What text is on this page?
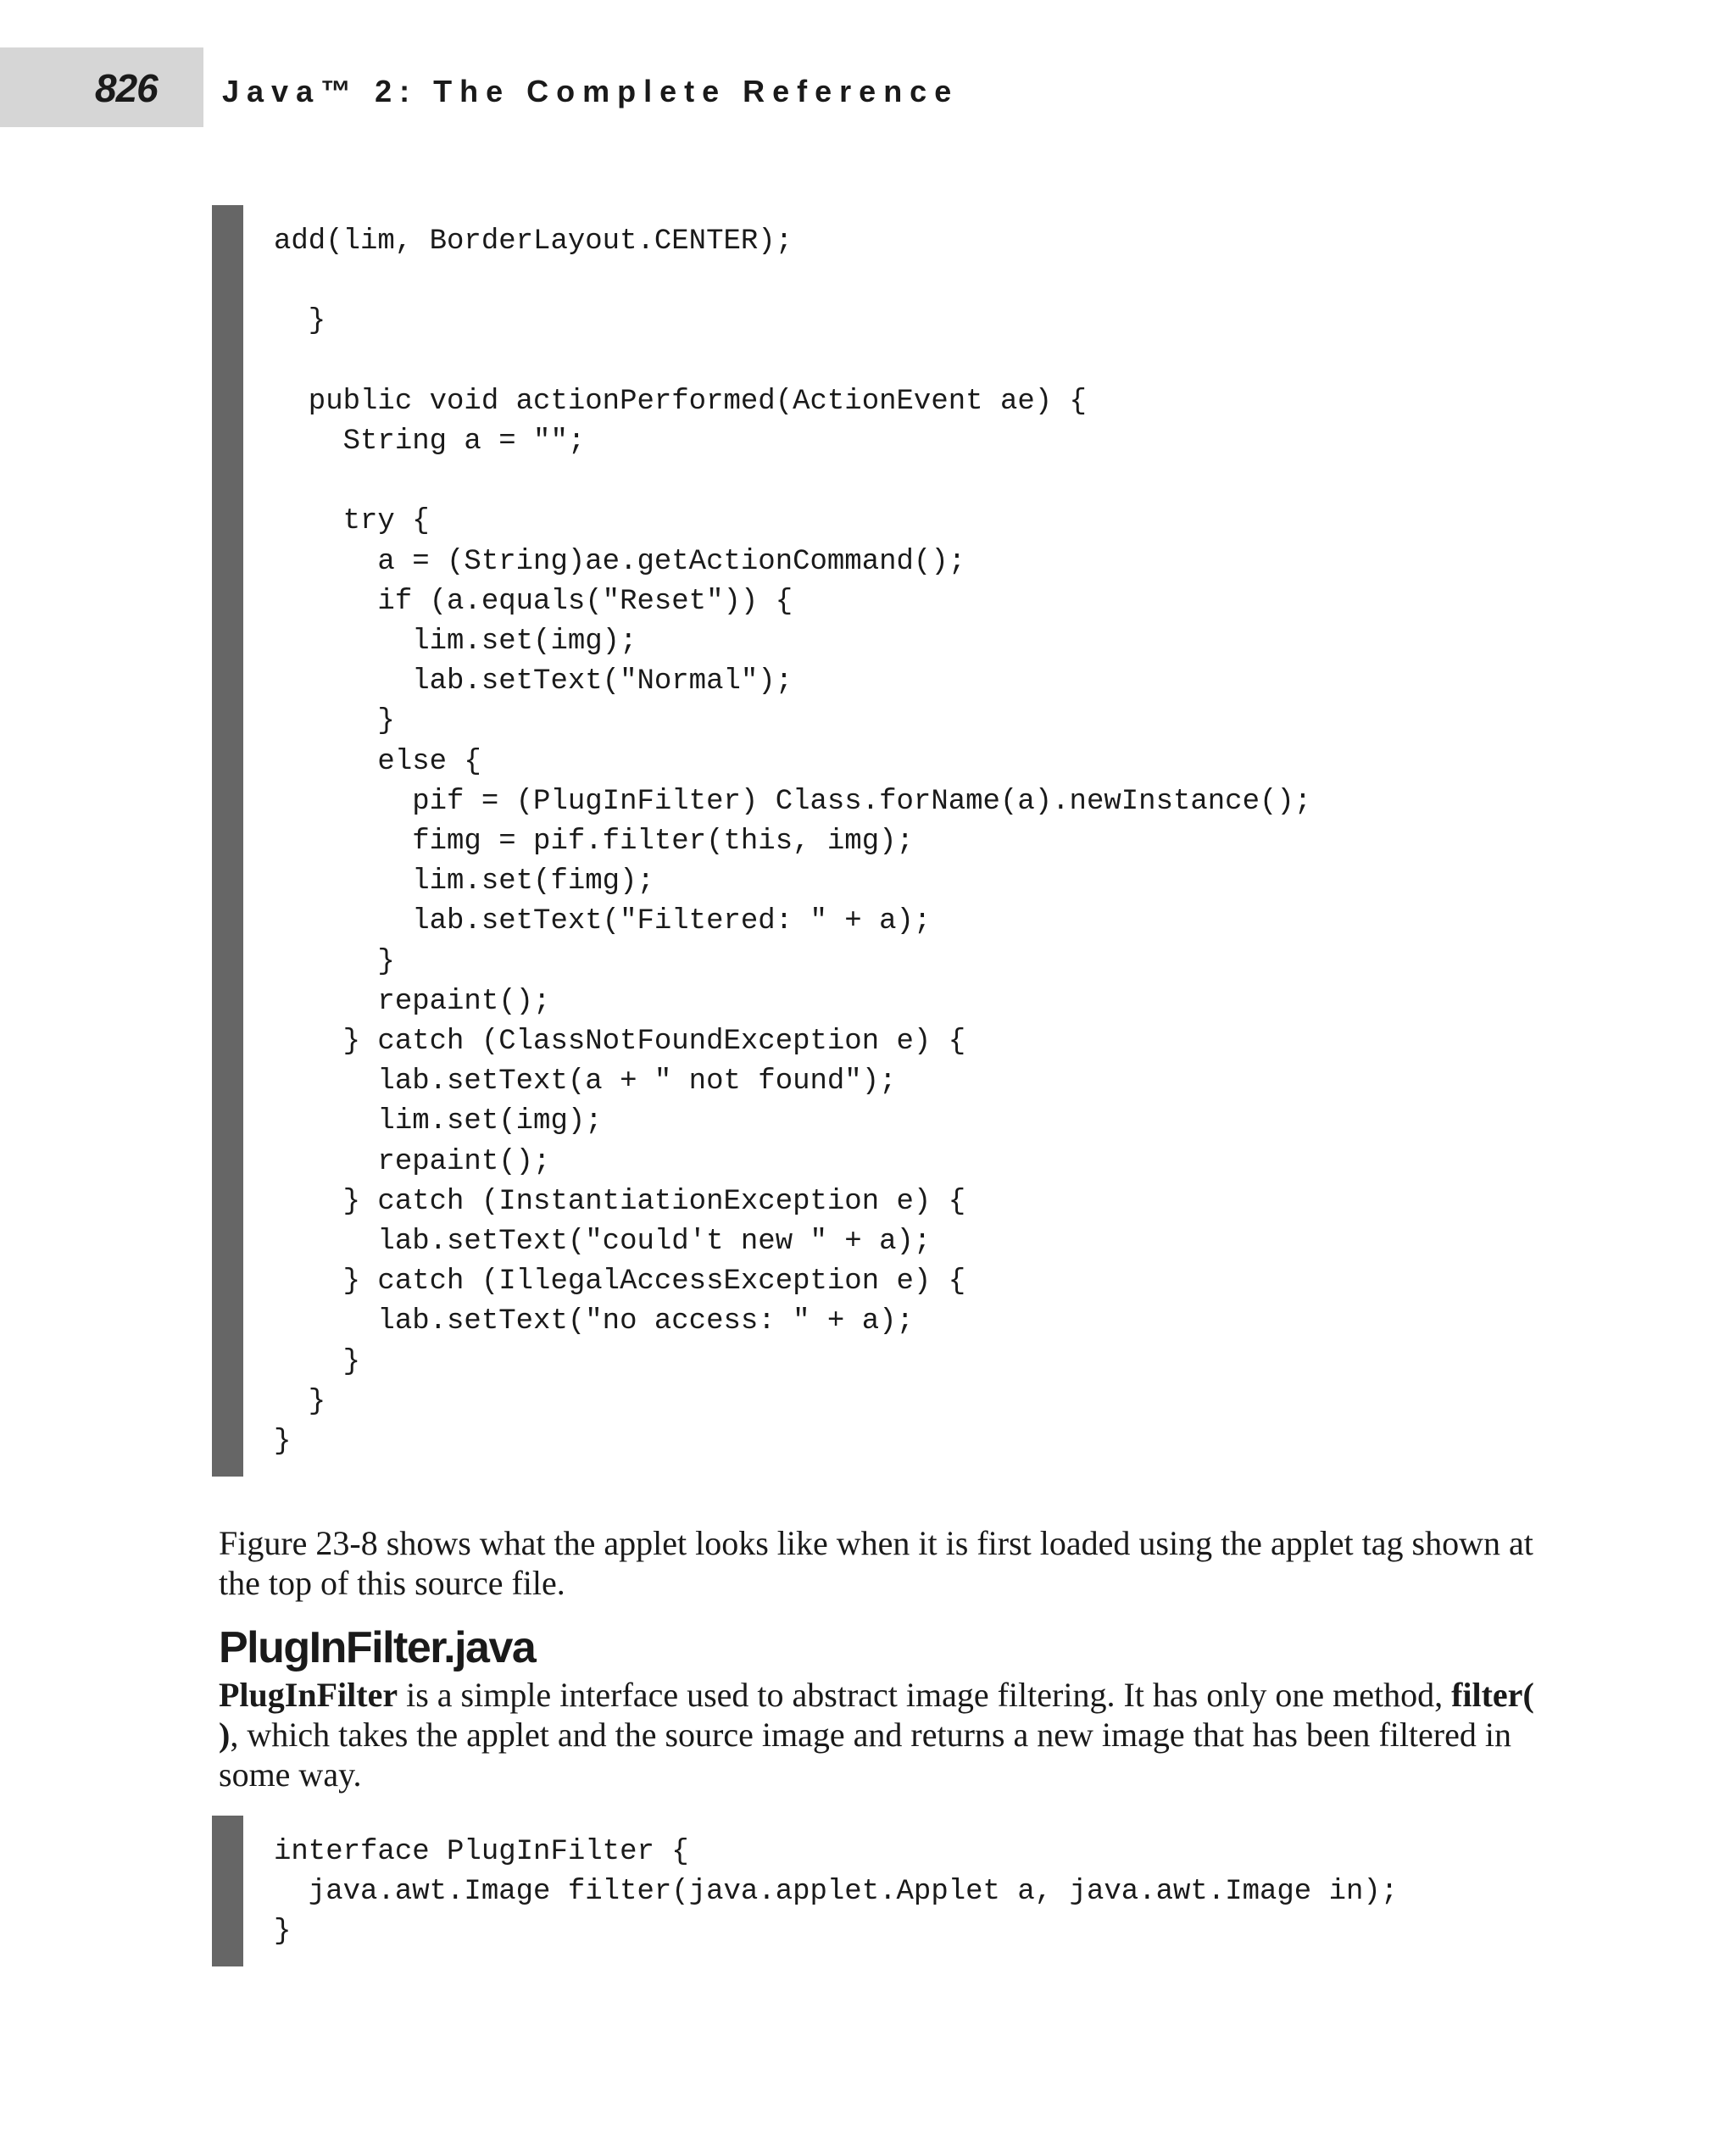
826 Java™ 2: The Complete Reference
add(lim, BorderLayout.CENTER);

}

public void actionPerformed(ActionEvent ae) {
String a = "";

try {
a = (String)ae.getActionCommand();
if (a.equals("Reset")) {
lim.set(img);
lab.setText("Normal");
}
else {
pif = (PlugInFilter) Class.forName(a).newInstance();
fimg = pif.filter(this, img);
lim.set(fimg);
lab.setText("Filtered: " + a);
}
repaint();
} catch (ClassNotFoundException e) {
lab.setText(a + " not found");
lim.set(img);
repaint();
} catch (InstantiationException e) {
lab.setText("could't new " + a);
} catch (IllegalAccessException e) {
lab.setText("no access: " + a);
}
}
}

Figure 23-8 shows what the applet looks like when it is first loaded using the applet tag shown at the top of this source file.

PlugInFilter.java

PlugInFilter is a simple interface used to abstract image filtering. It has only one method, filter( ), which takes the applet and the source image and returns a new image that has been filtered in some way.

interface PlugInFilter {
java.awt.Image filter(java.applet.Applet a, java.awt.Image in);
}
